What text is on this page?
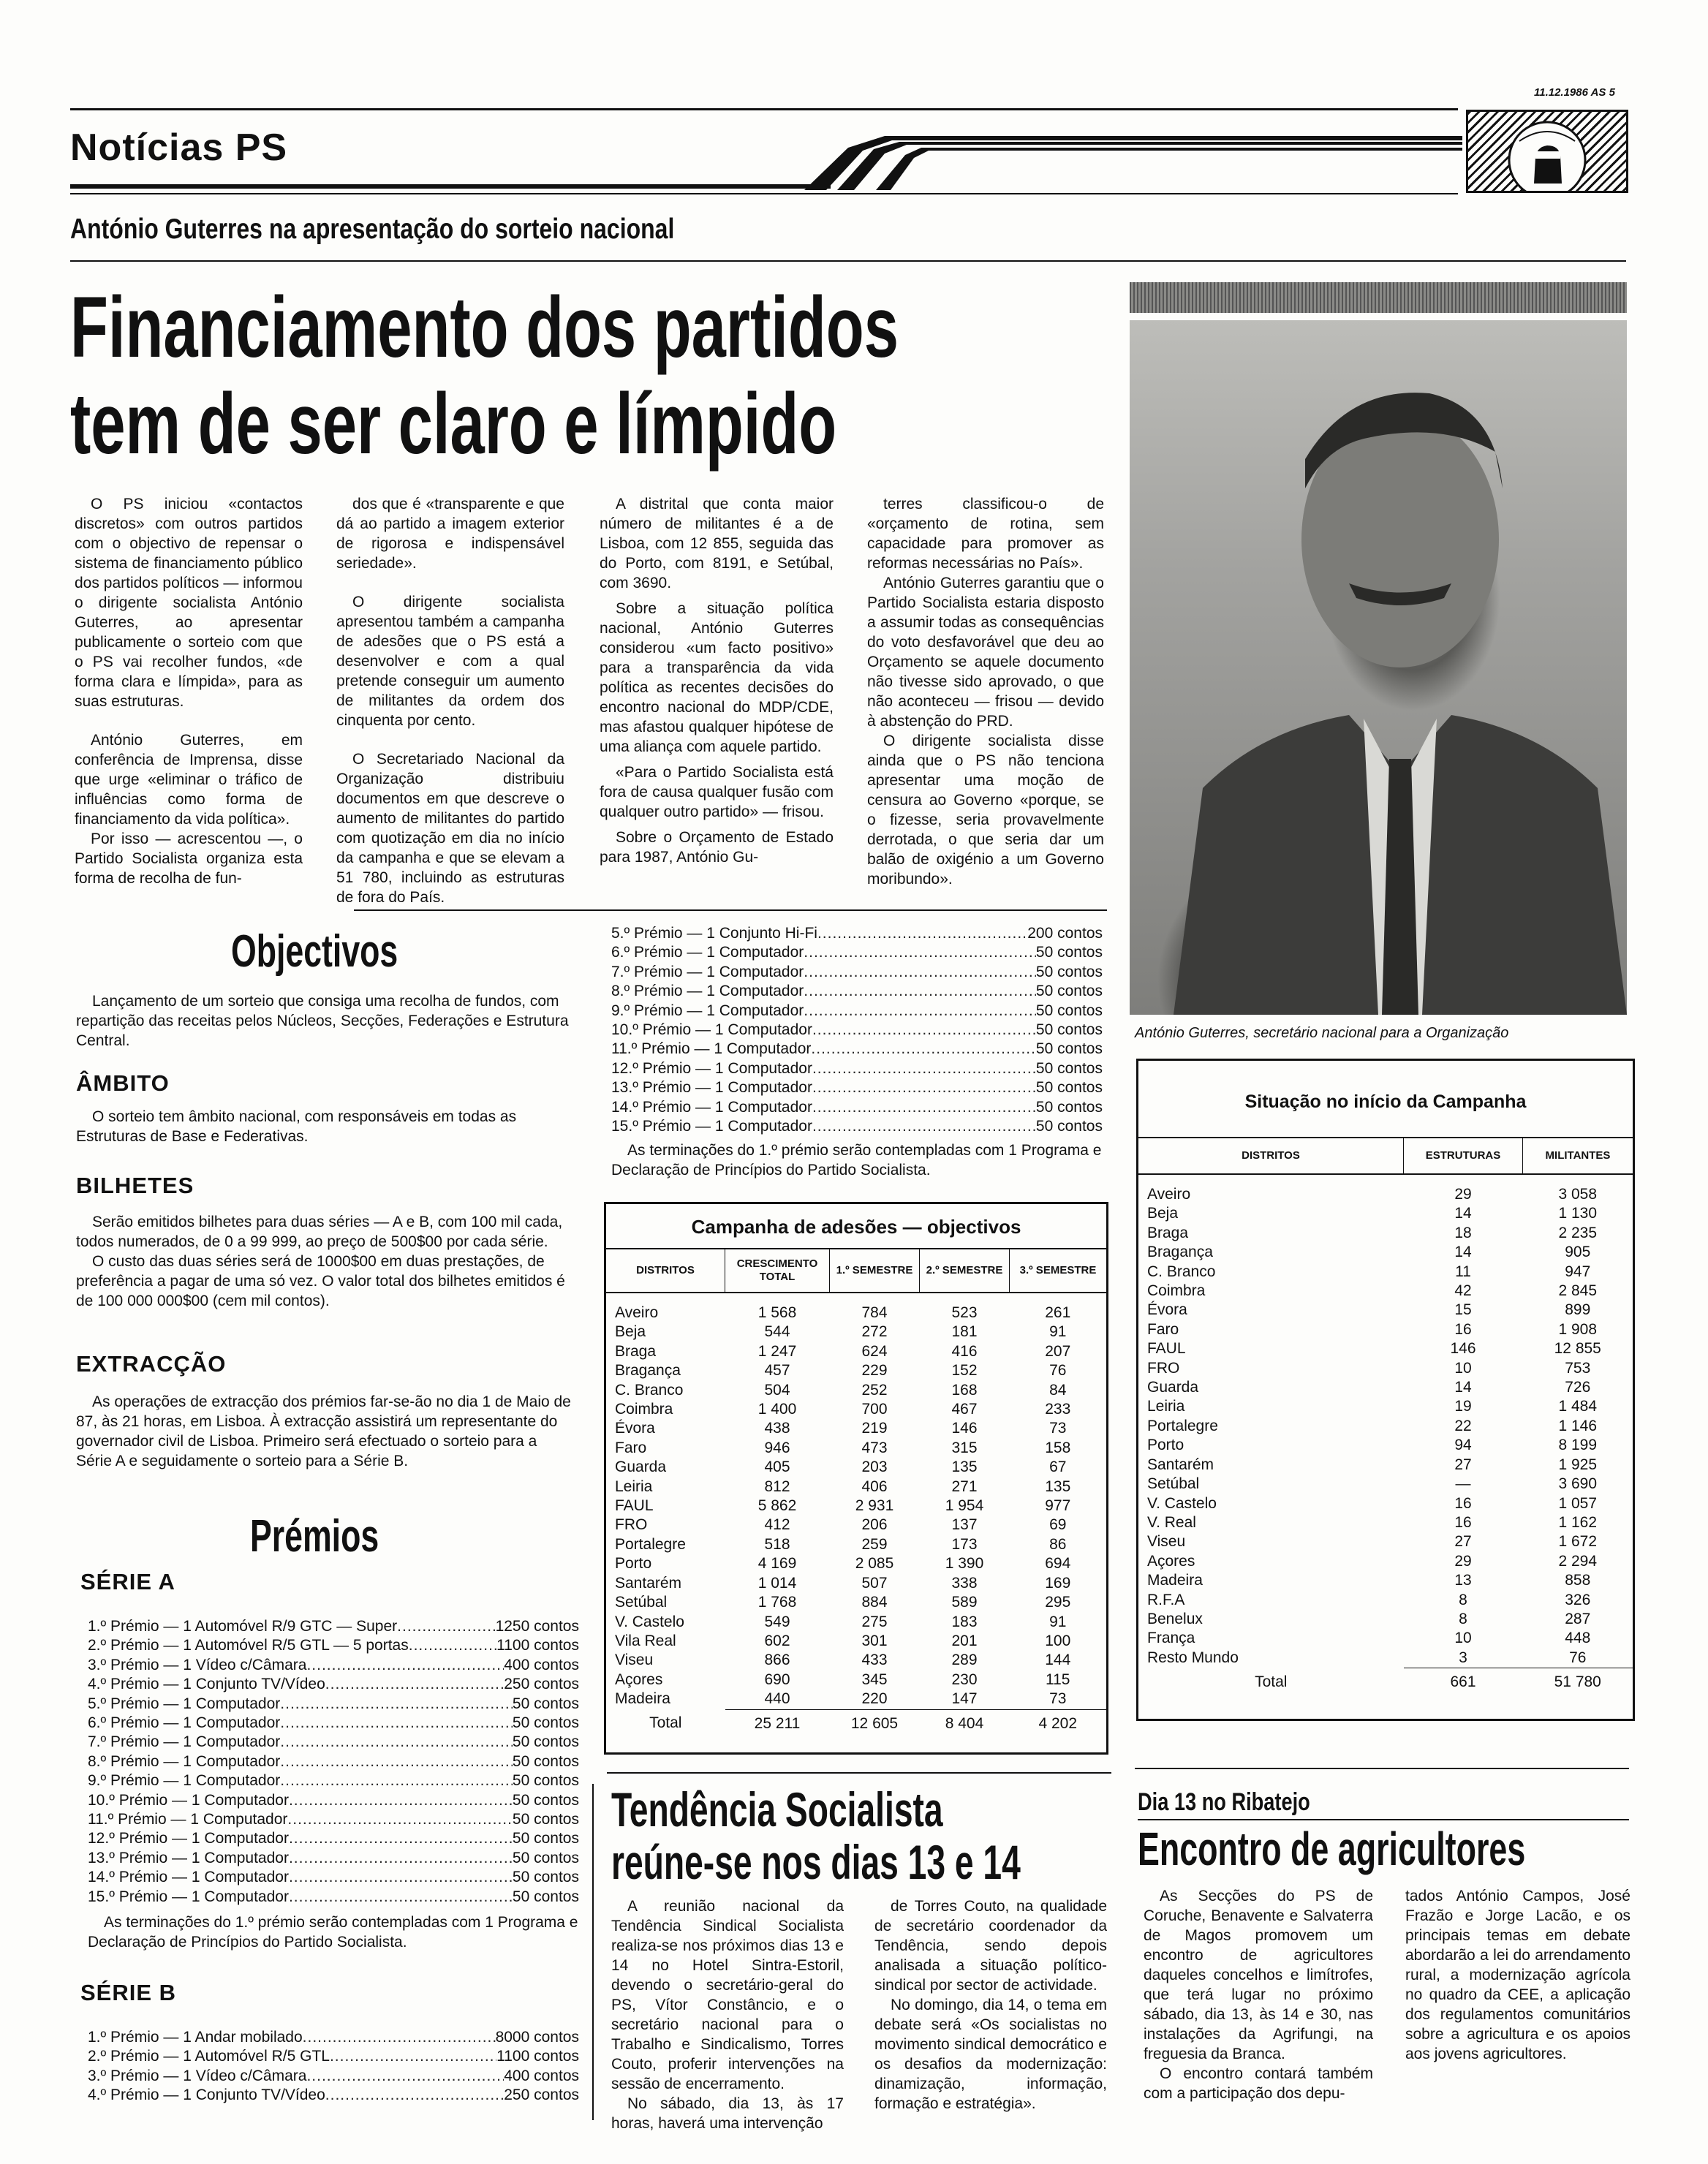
11.12.1986 AS 5
Notícias PS
António Guterres na apresentação do sorteio nacional
Financiamento dos partidos
tem de ser claro e límpido

O PS iniciou «contactos discretos» com outros partidos com o objectivo de repensar o sistema de financiamento público dos partidos políticos — informou o dirigente socialista António Guterres, ao apresentar publicamente o sorteio com que o PS vai recolher fundos, «de forma clara e límpida», para as suas estruturas.

António Guterres, em conferência de Imprensa, disse que urge «eliminar o tráfico de influências como forma de financiamento da vida política».

Por isso — acrescentou —, o Partido Socialista organiza esta forma de recolha de fun-

dos que é «transparente e que dá ao partido a imagem exterior de rigorosa e indispensável seriedade».

O dirigente socialista apresentou também a campanha de adesões que o PS está a desenvolver e com a qual pretende conseguir um aumento de militantes da ordem dos cinquenta por cento.

O Secretariado Nacional da Organização distribuiu documentos em que descreve o aumento de militantes do partido com quotização em dia no início da campanha e que se elevam a 51 780, incluindo as estruturas de fora do País.

A distrital que conta maior número de militantes é a de Lisboa, com 12 855, seguida das do Porto, com 8191, e Setúbal, com 3690.

Sobre a situação política nacional, António Guterres considerou «um facto positivo» para a transparência da vida política as recentes decisões do encontro nacional do MDP/CDE, mas afastou qualquer hipótese de uma aliança com aquele partido.

«Para o Partido Socialista está fora de causa qualquer fusão com qualquer outro partido» — frisou.

Sobre o Orçamento de Estado para 1987, António Gu-

terres classificou-o de «orçamento de rotina, sem capacidade para promover as reformas necessárias no País».

António Guterres garantiu que o Partido Socialista estaria disposto a assumir todas as consequências do voto desfavorável que deu ao Orçamento se aquele documento não tivesse sido aprovado, o que não aconteceu — frisou — devido à abstenção do PRD.

O dirigente socialista disse ainda que o PS não tenciona apresentar uma moção de censura ao Governo «porque, se o fizesse, seria provavelmente derrotada, o que seria dar um balão de oxigénio a um Governo moribundo».

António Guterres, secretário nacional para a Organização
Objectivos

Lançamento de um sorteio que consiga uma recolha de fundos, com repartição das receitas pelos Núcleos, Secções, Federações e Estrutura Central.

ÂMBITO

O sorteio tem âmbito nacional, com responsáveis em todas as Estruturas de Base e Federativas.

BILHETES

Serão emitidos bilhetes para duas séries — A e B, com 100 mil cada, todos numerados, de 0 a 99 999, ao preço de 500$00 por cada série.

O custo das duas séries será de 1000$00 em duas prestações, de preferência a pagar de uma só vez. O valor total dos bilhetes emitidos é de 100 000 000$00 (cem mil contos).

EXTRACÇÃO

As operações de extracção dos prémios far-se-ão no dia 1 de Maio de 87, às 21 horas, em Lisboa. À extracção assistirá um representante do governador civil de Lisboa. Primeiro será efectuado o sorteio para a Série A e seguidamente o sorteio para a Série B.

Prémios
SÉRIE A
1.º Prémio — 1 Automóvel R/9 GTC — Super .....	1250 contos
2.º Prémio — 1 Automóvel R/5 GTL — 5 portas .....	1100 contos
3.º Prémio — 1 Vídeo c/Câmara .....	400 contos
4.º Prémio — 1 Conjunto TV/Vídeo .....	250 contos
5.º Prémio — 1 Computador .....	50 contos
6.º Prémio — 1 Computador .....	50 contos
7.º Prémio — 1 Computador .....	50 contos
8.º Prémio — 1 Computador .....	50 contos
9.º Prémio — 1 Computador .....	50 contos
10.º Prémio — 1 Computador .....	50 contos
11.º Prémio — 1 Computador .....	50 contos
12.º Prémio — 1 Computador .....	50 contos
13.º Prémio — 1 Computador .....	50 contos
14.º Prémio — 1 Computador .....	50 contos
15.º Prémio — 1 Computador .....	50 contos

As terminações do 1.º prémio serão contempladas com 1 Programa e Declaração de Princípios do Partido Socialista.

SÉRIE B
1.º Prémio — 1 Andar mobilado .....	8000 contos
2.º Prémio — 1 Automóvel R/5 GTL .....	1100 contos
3.º Prémio — 1 Vídeo c/Câmara .....	400 contos
4.º Prémio — 1 Conjunto TV/Vídeo .....	250 contos
5.º Prémio — 1 Conjunto Hi-Fi .....	200 contos
6.º Prémio — 1 Computador .....	50 contos
7.º Prémio — 1 Computador .....	50 contos
8.º Prémio — 1 Computador .....	50 contos
9.º Prémio — 1 Computador .....	50 contos
10.º Prémio — 1 Computador .....	50 contos
11.º Prémio — 1 Computador .....	50 contos
12.º Prémio — 1 Computador .....	50 contos
13.º Prémio — 1 Computador .....	50 contos
14.º Prémio — 1 Computador .....	50 contos
15.º Prémio — 1 Computador .....	50 contos

As terminações do 1.º prémio serão contempladas com 1 Programa e Declaração de Princípios do Partido Socialista.

Campanha de adesões — objectivos
DISTRITOS	CRESCIMENTO TOTAL	1.º SEMESTRE	2.º SEMESTRE	3.º SEMESTRE
Aveiro	1 568	784	523	261
Beja	544	272	181	91
Braga	1 247	624	416	207
Bragança	457	229	152	76
C. Branco	504	252	168	84
Coimbra	1 400	700	467	233
Évora	438	219	146	73
Faro	946	473	315	158
Guarda	405	203	135	67
Leiria	812	406	271	135
FAUL	5 862	2 931	1 954	977
FRO	412	206	137	69
Portalegre	518	259	173	86
Porto	4 169	2 085	1 390	694
Santarém	1 014	507	338	169
Setúbal	1 768	884	589	295
V. Castelo	549	275	183	91
Vila Real	602	301	201	100
Viseu	866	433	289	144
Açores	690	345	230	115
Madeira	440	220	147	73
Total	25 211	12 605	8 404	4 202
Situação no início da Campanha
DISTRITOS	ESTRUTURAS	MILITANTES
Aveiro	29	3 058
Beja	14	1 130
Braga	18	2 235
Bragança	14	905
C. Branco	11	947
Coimbra	42	2 845
Évora	15	899
Faro	16	1 908
FAUL	146	12 855
FRO	10	753
Guarda	14	726
Leiria	19	1 484
Portalegre	22	1 146
Porto	94	8 199
Santarém	27	1 925
Setúbal	—	3 690
V. Castelo	16	1 057
V. Real	16	1 162
Viseu	27	1 672
Açores	29	2 294
Madeira	13	858
R.F.A	8	326
Benelux	8	287
França	10	448
Resto Mundo	3	76
Total	661	51 780
Tendência Socialista
reúne-se nos dias 13 e 14

A reunião nacional da Tendência Sindical Socialista realiza-se nos próximos dias 13 e 14 no Hotel Sintra-Estoril, devendo o secretário-geral do PS, Vítor Constâncio, e o secretário nacional para o Trabalho e Sindicalismo, Torres Couto, proferir intervenções na sessão de encerramento.

No sábado, dia 13, às 17 horas, haverá uma intervenção

de Torres Couto, na qualidade de secretário coordenador da Tendência, sendo depois analisada a situação político-sindical por sector de actividade.

No domingo, dia 14, o tema em debate será «Os socialistas no movimento sindical democrático e os desafios da modernização: dinamização, informação, formação e estratégia».

Dia 13 no Ribatejo
Encontro de agricultores

As Secções do PS de Coruche, Benavente e Salvaterra de Magos promovem um encontro de agricultores daqueles concelhos e limítrofes, que terá lugar no próximo sábado, dia 13, às 14 e 30, nas instalações da Agrifungi, na freguesia da Branca.

O encontro contará também com a participação dos depu-

tados António Campos, José Frazão e Jorge Lacão, e os principais temas em debate abordarão a lei do arrendamento rural, a modernização agrícola no quadro da CEE, a aplicação dos regulamentos comunitários sobre a agricultura e os apoios aos jovens agricultores.
